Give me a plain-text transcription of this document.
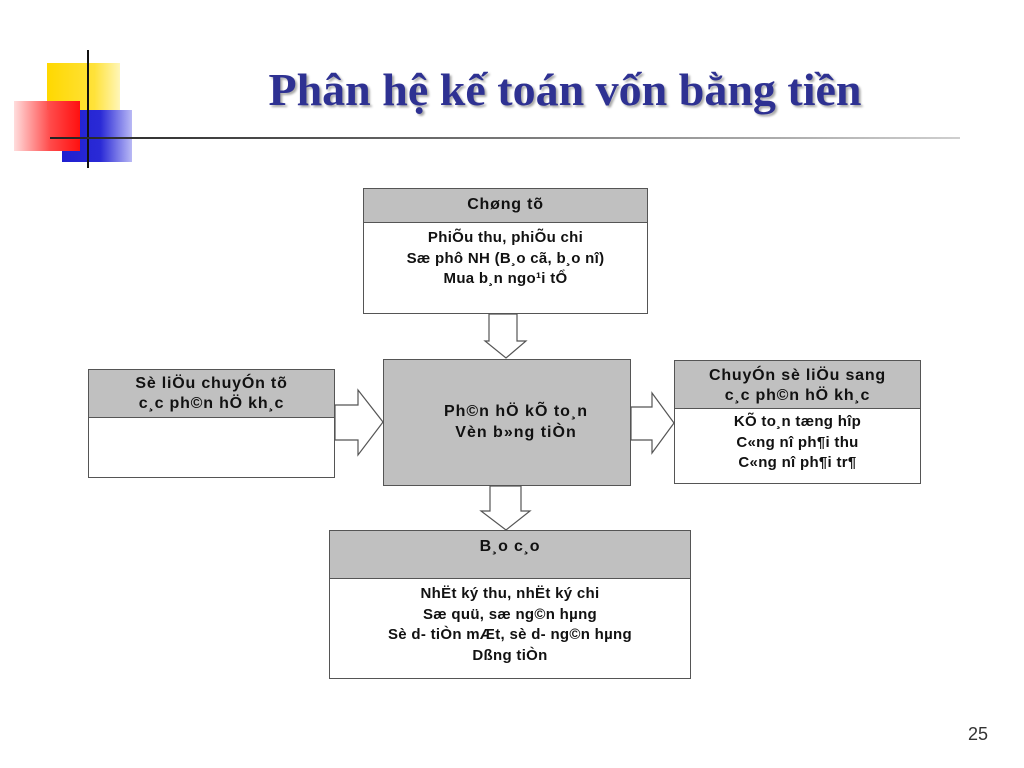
Phân hệ kế toán vốn bằng tiền
Chøng tõ
PhiÕu thu, phiÕu chi
Sæ phô NH (B¸o cã, b¸o nî)
Mua b¸n ngo¹i tỔ
Sè liÖu chuyÓn tõ
c¸c ph©n hÖ kh¸c	Ph©n hÖ kÕ to¸n
Vèn b»ng tiÒn
ChuyÓn sè liÖu sang
c¸c ph©n hÖ kh¸c
KÕ to¸n tæng hîp
C«ng nî ph¶i thu
C«ng nî ph¶i tr¶
B¸o c¸o
NhËt ký thu, nhËt ký chi
Sæ quü, sæ ng©n hµng
Sè d- tiÒn mÆt, sè d- ng©n hµng
Dßng tiÒn
25
